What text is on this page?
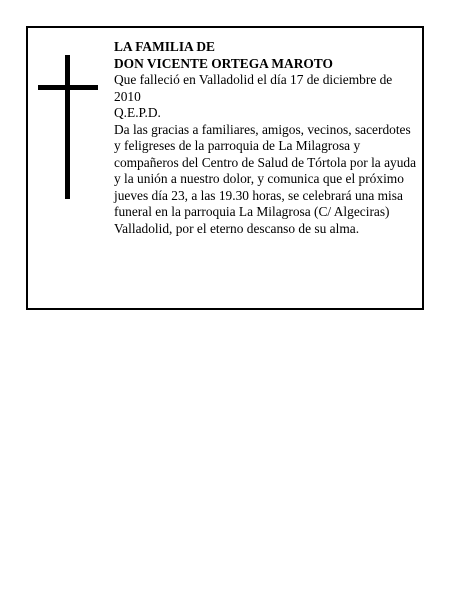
LA FAMILIA DE

DON VICENTE ORTEGA MAROTO

Que falleció en Valladolid el día 17 de diciembre de 2010

Q.E.P.D.

Da las gracias a familiares, amigos, vecinos, sacerdotes y feligreses de la parroquia de La Milagrosa y compañeros del Centro de Salud de Tórtola por la ayuda y la unión a nuestro dolor, y comunica que el próximo jueves día 23, a las 19.30 horas, se celebrará una misa funeral en la parroquia La Milagrosa (C/ Algeciras) Valladolid, por el eterno descanso de su alma.
